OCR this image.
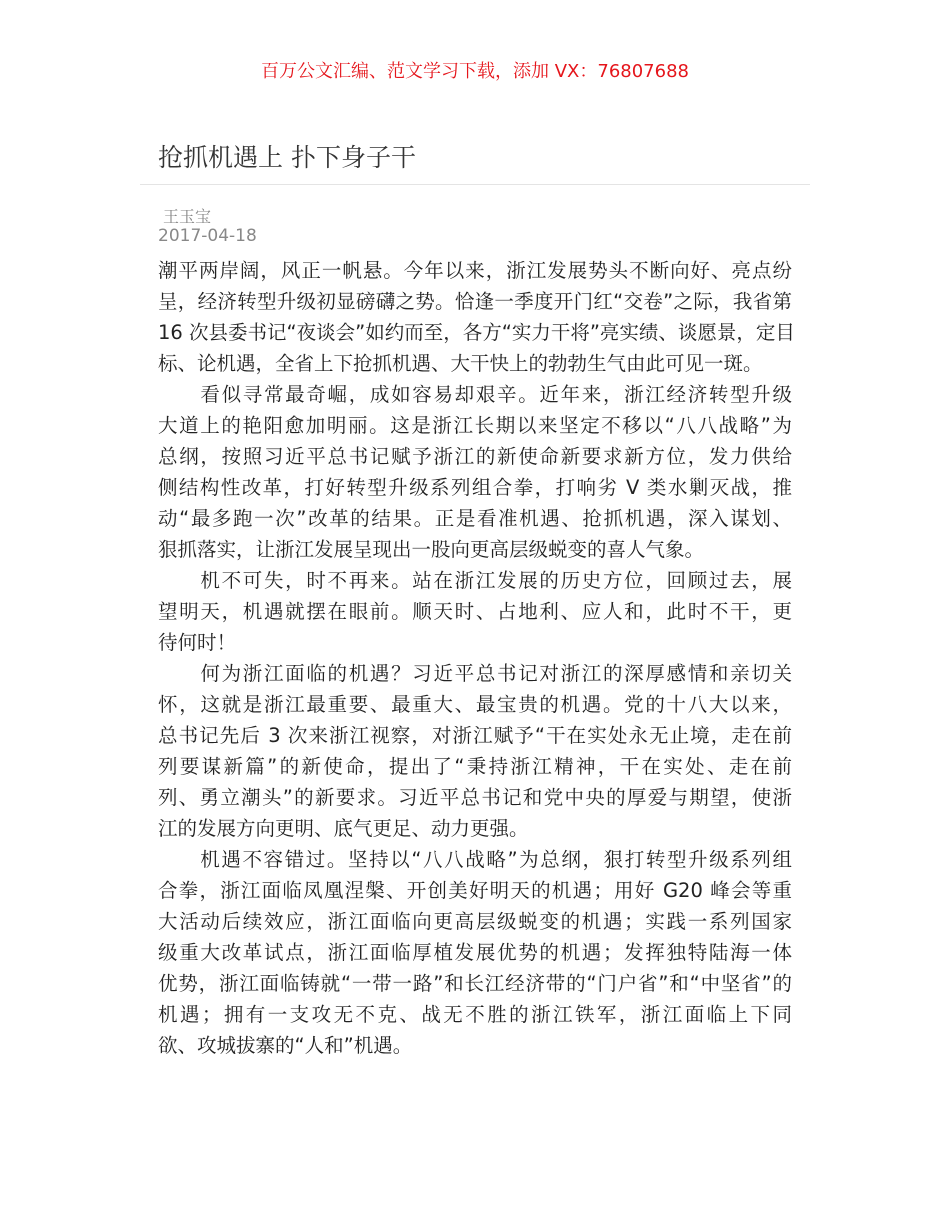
百万公文汇编、范文学习下载，添加 VX：76807688
抢抓机遇上 扑下身子干
王玉宝
2017-04-18
潮平两岸阔，风正一帆悬。今年以来，浙江发展势头不断向好、亮点纷
呈，经济转型升级初显磅礴之势。恰逢一季度开门红“交卷”之际，我省第
16 次县委书记“夜谈会”如约而至，各方“实力干将”亮实绩、谈愿景，定目
标、论机遇，全省上下抢抓机遇、大干快上的勃勃生气由此可见一斑。
　　看似寻常最奇崛，成如容易却艰辛。近年来，浙江经济转型升级
大道上的艳阳愈加明丽。这是浙江长期以来坚定不移以“八八战略”为
总纲，按照习近平总书记赋予浙江的新使命新要求新方位，发力供给
侧结构性改革，打好转型升级系列组合拳，打响劣 V 类水剿灭战，推
动“最多跑一次”改革的结果。正是看准机遇、抢抓机遇，深入谋划、
狠抓落实，让浙江发展呈现出一股向更高层级蜕变的喜人气象。
　　机不可失，时不再来。站在浙江发展的历史方位，回顾过去，展
望明天，机遇就摆在眼前。顺天时、占地利、应人和，此时不干，更
待何时！
　　何为浙江面临的机遇？习近平总书记对浙江的深厚感情和亲切关
怀，这就是浙江最重要、最重大、最宝贵的机遇。党的十八大以来，
总书记先后 3 次来浙江视察，对浙江赋予“干在实处永无止境，走在前
列要谋新篇”的新使命，提出了“秉持浙江精神，干在实处、走在前
列、勇立潮头”的新要求。习近平总书记和党中央的厚爱与期望，使浙
江的发展方向更明、底气更足、动力更强。
　　机遇不容错过。坚持以“八八战略”为总纲，狠打转型升级系列组
合拳，浙江面临凤凰涅槃、开创美好明天的机遇；用好 G20 峰会等重
大活动后续效应，浙江面临向更高层级蜕变的机遇；实践一系列国家
级重大改革试点，浙江面临厚植发展优势的机遇；发挥独特陆海一体
优势，浙江面临铸就“一带一路”和长江经济带的“门户省”和“中坚省”的
机遇；拥有一支攻无不克、战无不胜的浙江铁军，浙江面临上下同
欲、攻城拔寨的“人和”机遇。
